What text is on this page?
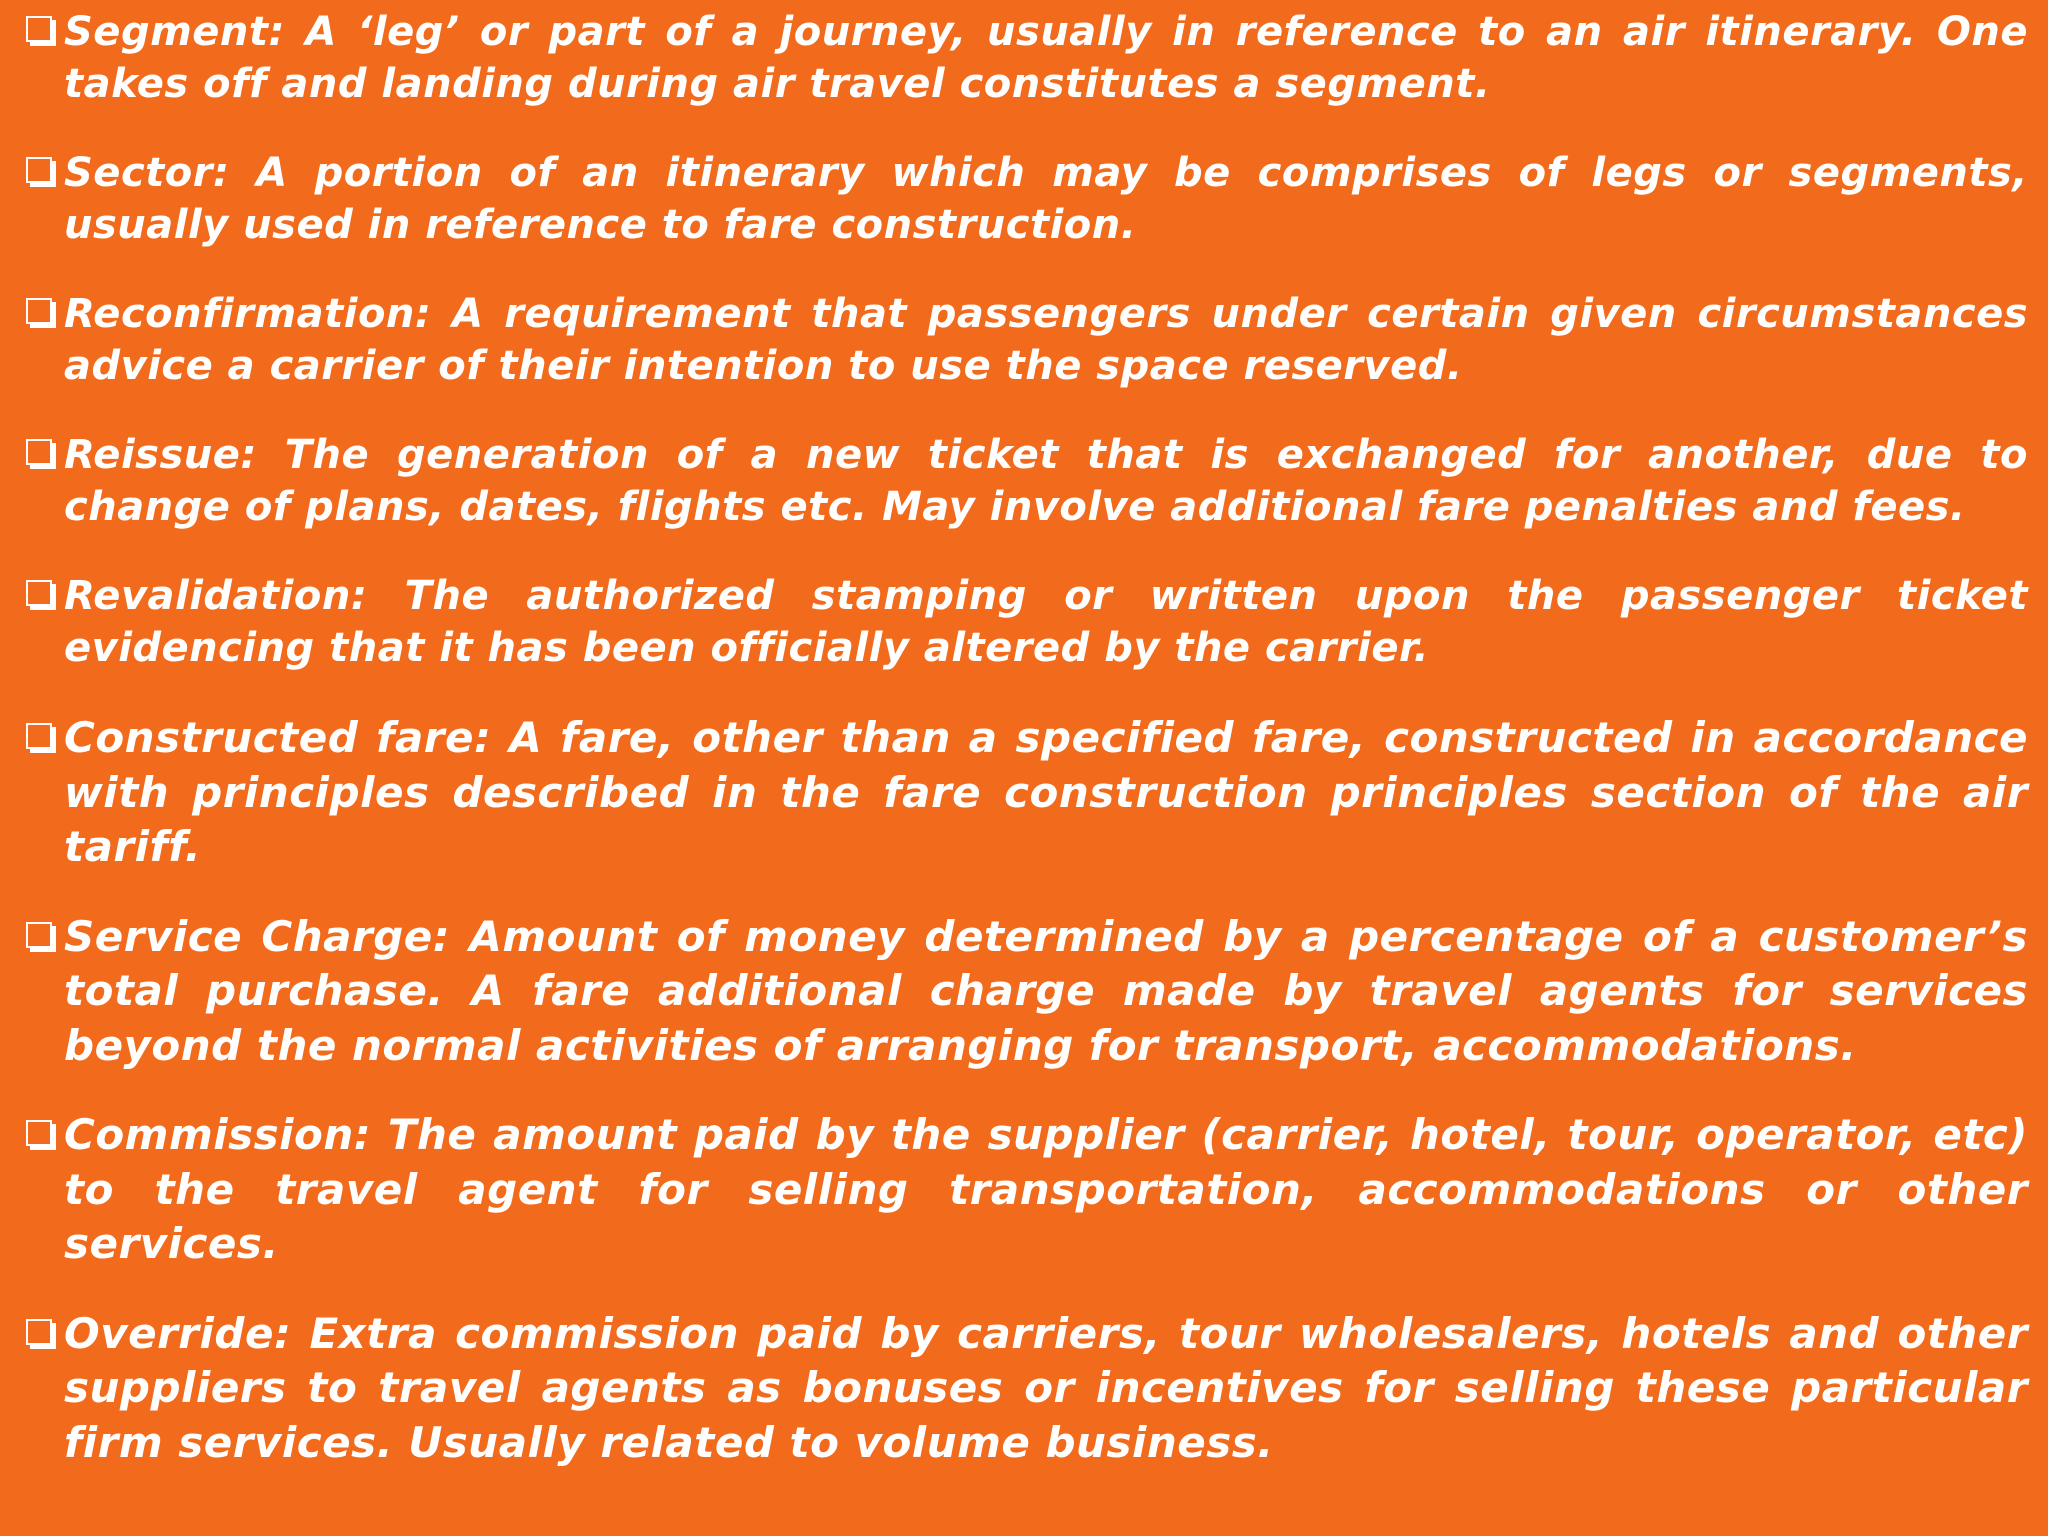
Segment: A ‘leg’ or part of a journey, usually in reference to an air itinerary. One takes off and landing during air travel constitutes a segment.
Sector: A portion of an itinerary which may be comprises of legs or segments, usually used in reference to fare construction.
Reconfirmation: A requirement that passengers under certain given circumstances advice a carrier of their intention to use the space reserved.
Reissue: The generation of a new ticket that is exchanged for another, due to change of plans, dates, flights etc. May involve additional fare penalties and fees.
Revalidation: The authorized stamping or written upon the passenger ticket evidencing that it has been officially altered by the carrier.
Constructed fare: A fare, other than a specified fare, constructed in accordance with principles described in the fare construction principles section of the air tariff.
Service Charge: Amount of money determined by a percentage of a customer’s total purchase. A fare additional charge made by travel agents for services beyond the normal activities of arranging for transport, accommodations.
Commission: The amount paid by the supplier (carrier, hotel, tour, operator, etc) to the travel agent for selling transportation, accommodations or other services.
Override: Extra commission paid by carriers, tour wholesalers, hotels and other suppliers to travel agents as bonuses or incentives for selling these particular firm services. Usually related to volume business.
